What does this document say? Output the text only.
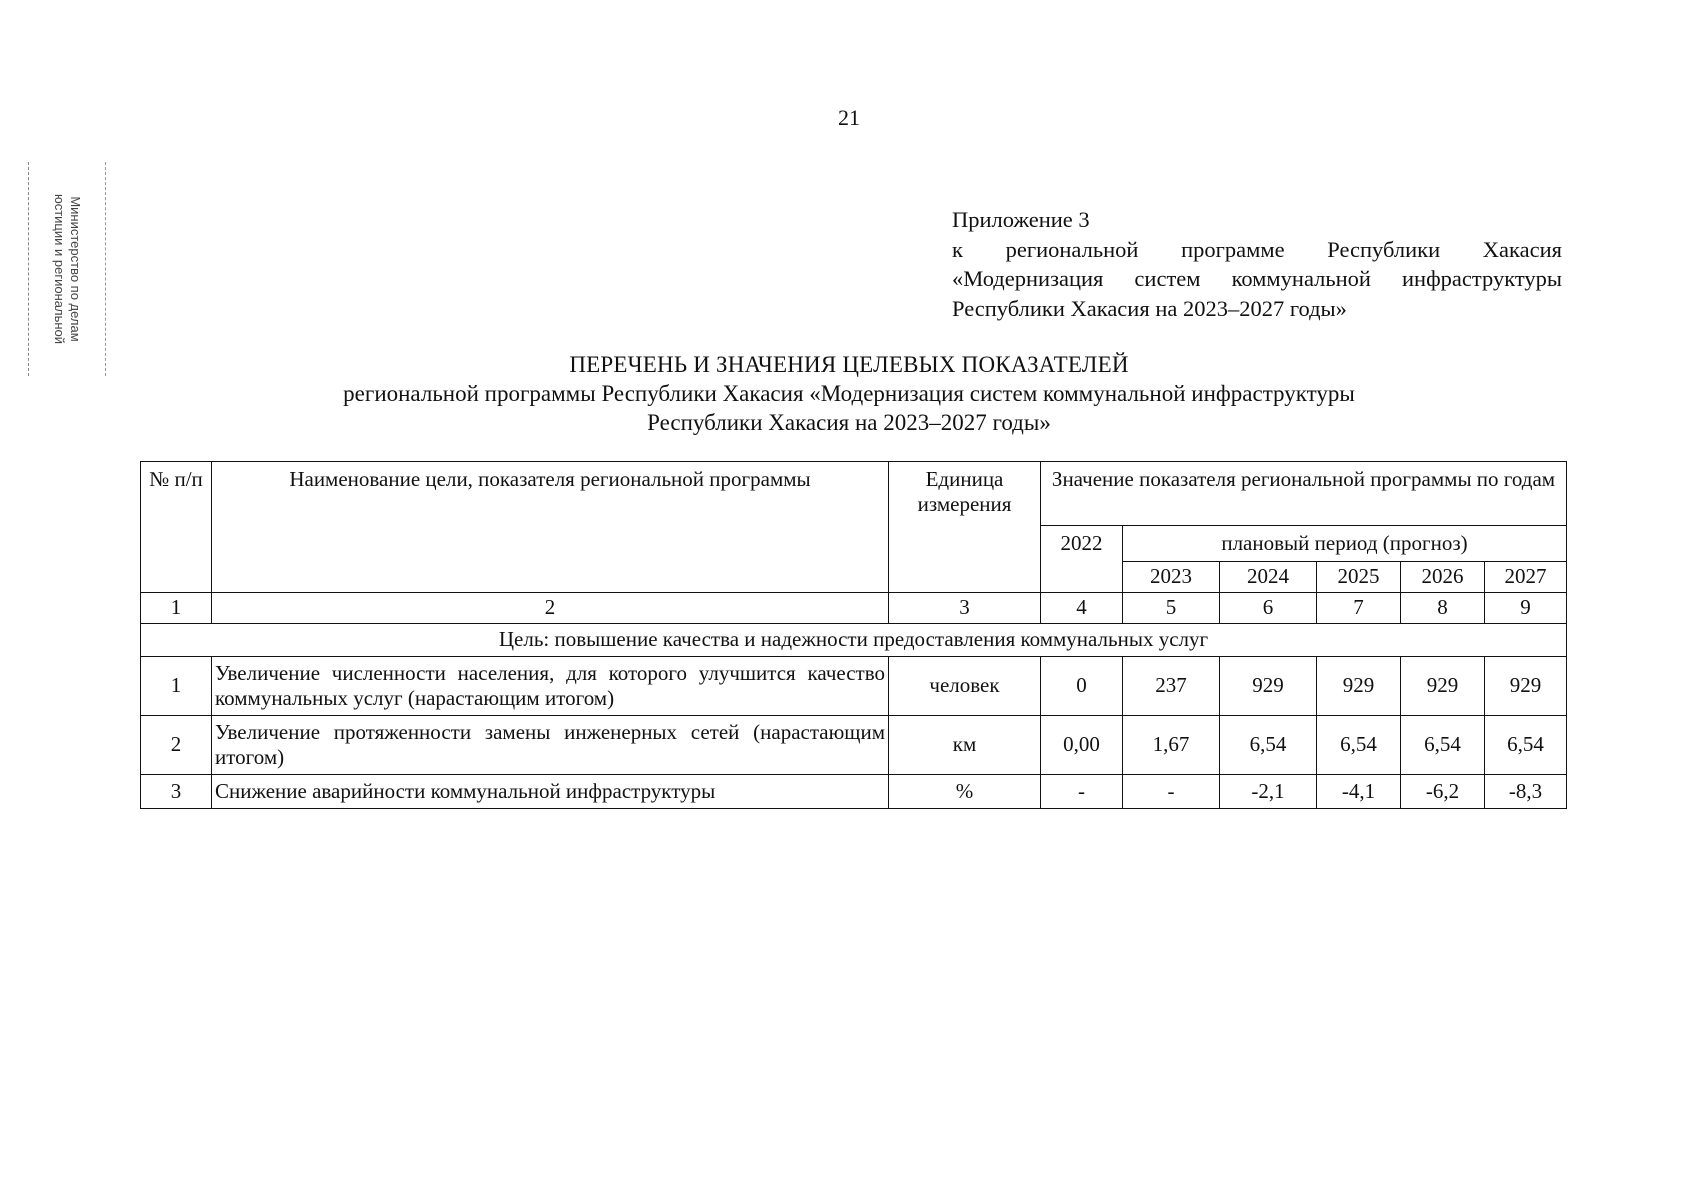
21
Министерство по делам
юстиции и региональной	Приложение 3
к региональной программе Республики Хакасия
«Модернизация систем коммунальной инфраструктуры
Республики Хакасия на 2023–2027 годы»
ПЕРЕЧЕНЬ И ЗНАЧЕНИЯ ЦЕЛЕВЫХ ПОКАЗАТЕЛЕЙ
региональной программы Республики Хакасия «Модернизация систем коммунальной инфраструктуры
Республики Хакасия на 2023–2027 годы»
№ п/п	Наименование цели, показателя региональной программы	Единица измерения	Значение показателя региональной программы по годам					
			2022	плановый период (прогноз)				
				2023	2024	2025	2026	2027
1	2	3	4	5	6	7	8	9
Цель: повышение качества и надежности предоставления коммунальных услуг								
1	Увеличение численности населения, для которого улучшится качество коммунальных услуг (нарастающим итогом)	человек	0	237	929	929	929	929
2	Увеличение протяженности замены инженерных сетей (нарастающим итогом)	км	0,00	1,67	6,54	6,54	6,54	6,54
3	Снижение аварийности коммунальной инфраструктуры	%	-	-	-2,1	-4,1	-6,2	-8,3
